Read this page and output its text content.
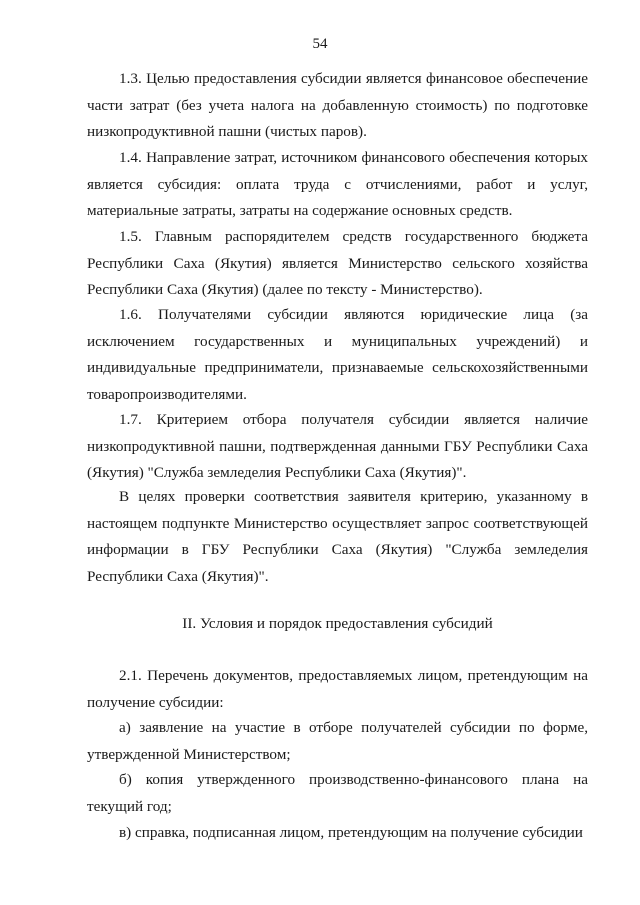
54

1.3. Целью предоставления субсидии является финансовое обеспечение части затрат (без учета налога на добавленную стоимость) по подготовке низкопродуктивной пашни (чистых паров).

1.4. Направление затрат, источником финансового обеспечения которых является субсидия: оплата труда с отчислениями, работ и услуг, материальные затраты, затраты на содержание основных средств.

1.5. Главным распорядителем средств государственного бюджета Республики Саха (Якутия) является Министерство сельского хозяйства Республики Саха (Якутия) (далее по тексту - Министерство).

1.6. Получателями субсидии являются юридические лица (за исключением государственных и муниципальных учреждений) и индивидуальные предприниматели, признаваемые сельскохозяйственными товаропроизводителями.

1.7. Критерием отбора получателя субсидии является наличие низкопродуктивной пашни, подтвержденная данными ГБУ Республики Саха (Якутия) "Служба земледелия Республики Саха (Якутия)".

В целях проверки соответствия заявителя критерию, указанному в настоящем подпункте Министерство осуществляет запрос соответствующей информации в ГБУ Республики Саха (Якутия) "Служба земледелия Республики Саха (Якутия)".

II. Условия и порядок предоставления субсидий

2.1. Перечень документов, предоставляемых лицом, претендующим на получение субсидии:

а) заявление на участие в отборе получателей субсидии по форме, утвержденной Министерством;

б) копия утвержденного производственно-финансового плана на текущий год;

в) справка, подписанная лицом, претендующим на получение субсидии
